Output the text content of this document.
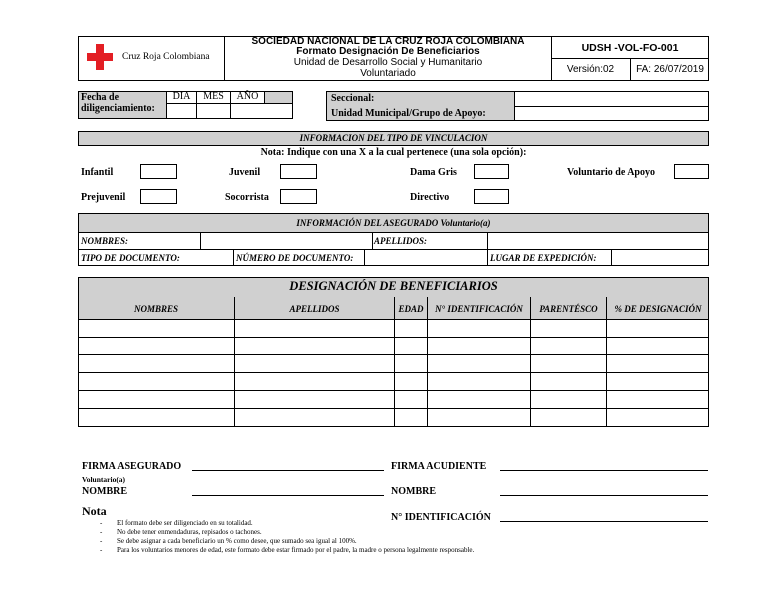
Cruz Roja Colombiana
SOCIEDAD NACIONAL DE LA CRUZ ROJA COLOMBIANA
Formato Designación De Beneficiarios
Unidad de Desarrollo Social y Humanitario
Voluntariado
UDSH -VOL-FO-001
Versión:02	FA: 26/07/2019
Fecha de diligenciamiento:
DIA	MES	AÑO	Seccional:
Unidad Municipal/Grupo de Apoyo:
INFORMACION DEL TIPO DE VINCULACION
Nota: Indique con una X a la cual pertenece (una sola opción):
Infantil	Juvenil	Dama Gris	Voluntario de Apoyo
Prejuvenil	Socorrista	Directivo
INFORMACIÓN DEL ASEGURADO Voluntario(a)
NOMBRES:	APELLIDOS:
TIPO DE DOCUMENTO:	NÚMERO DE DOCUMENTO:	LUGAR DE EXPEDICIÓN:
DESIGNACIÓN DE BENEFICIARIOS
NOMBRES	APELLIDOS	EDAD	N° IDENTIFICACIÓN	PARENTÉSCO	% DE DESIGNACIÓN
FIRMA ASEGURADO
Voluntario(a)
NOMBRE
FIRMA ACUDIENTE
NOMBRE
N° IDENTIFICACIÓN
Nota
-	El formato debe ser diligenciado en su totalidad.
-	No debe tener enmendaduras, repisados o tachones.
-	Se debe asignar a cada beneficiario un % como desee, que sumado sea igual al 100%.
-	Para los voluntarios menores de edad, este formato debe estar firmado por el padre, la madre o persona legalmente responsable.
